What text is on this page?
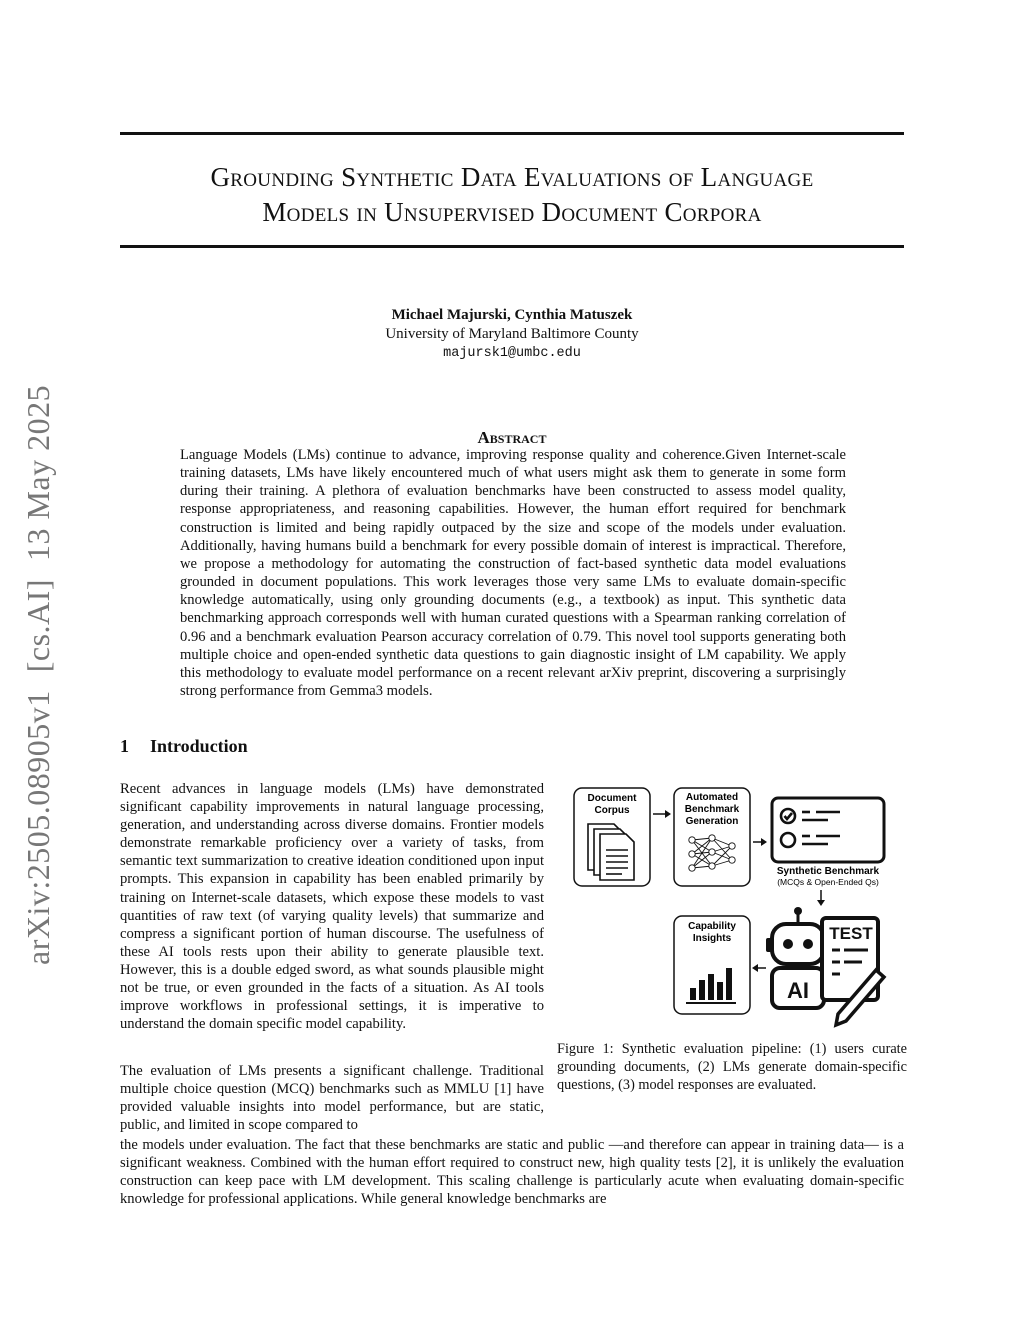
arXiv:2505.08905v1[cs.AI]13 May 2025
Grounding Synthetic Data Evaluations of Language
Models in Unsupervised Document Corpora
Michael Majurski, Cynthia Matuszek
University of Maryland Baltimore County
majursk1@umbc.edu
Abstract
Language Models (LMs) continue to advance, improving response quality and coherence.Given Internet-scale training datasets, LMs have likely encountered much of what users might ask them to generate in some form during their training. A plethora of evaluation benchmarks have been constructed to assess model quality, response appropriateness, and reasoning capabilities. However, the human effort required for benchmark construction is limited and being rapidly outpaced by the size and scope of the models under evaluation. Additionally, having humans build a benchmark for every possible domain of interest is impractical. Therefore, we propose a methodology for automating the construction of fact-based synthetic data model evaluations grounded in document populations. This work leverages those very same LMs to evaluate domain-specific knowledge automatically, using only grounding documents (e.g., a textbook) as input. This synthetic data benchmarking approach corresponds well with human curated questions with a Spearman ranking correlation of 0.96 and a benchmark evaluation Pearson accuracy correlation of 0.79. This novel tool supports generating both multiple choice and open-ended synthetic data questions to gain diagnostic insight of LM capability. We apply this methodology to evaluate model performance on a recent relevant arXiv preprint, discovering a surprisingly strong performance from Gemma3 models.
1 Introduction
Recent advances in language models (LMs) have demonstrated significant capability improvements in natural language processing, generation, and understanding across diverse domains. Frontier models demonstrate remarkable proficiency over a variety of tasks, from semantic text summarization to creative ideation conditioned upon input prompts. This expansion in capability has been enabled primarily by training on Internet-scale datasets, which expose these models to vast quantities of raw text (of varying quality levels) that summarize and compress a significant portion of human discourse. The usefulness of these AI tools rests upon their ability to generate plausible text. However, this is a double edged sword, as what sounds plausible might not be true, or even grounded in the facts of a situation. As AI tools improve workflows in professional settings, it is imperative to understand the domain specific model capability.
The evaluation of LMs presents a significant challenge. Traditional multiple choice question (MCQ) benchmarks such as MMLU [1] have provided valuable insights into model performance, but are static, public, and limited in scope compared to
the models under evaluation. The fact that these benchmarks are static and public —and therefore can appear in training data— is a significant weakness. Combined with the human effort required to construct new, high quality tests [2], it is unlikely the evaluation construction can keep pace with LM development. This scaling challenge is particularly acute when evaluating domain-specific knowledge for professional applications. While general knowledge benchmarks are
Document
Corpus
Automated
Benchmark
Generation
Synthetic Benchmark
(MCQs & Open-Ended Qs)
Capability
Insights
AI
TEST
Figure 1: Synthetic evaluation pipeline: (1) users curate grounding documents, (2) LMs generate domain-specific questions, (3) model responses are evaluated.
